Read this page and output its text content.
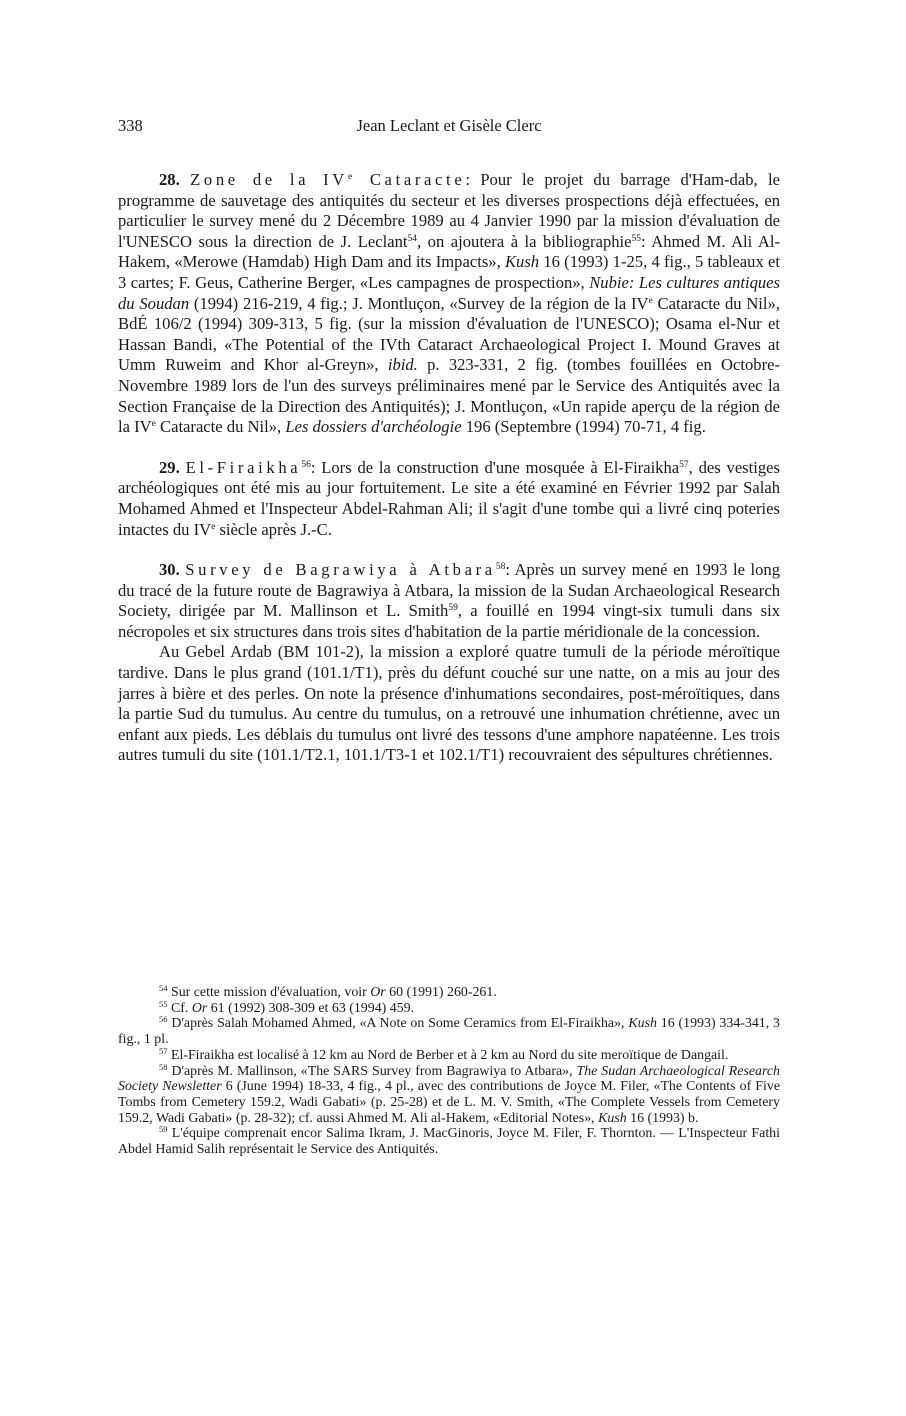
338	Jean Leclant et Gisèle Clerc

28. Zone de la IVe Cataracte: Pour le projet du barrage d'Ham-dab, le programme de sauvetage des antiquités du secteur et les diverses prospections déjà effectuées, en particulier le survey mené du 2 Décembre 1989 au 4 Janvier 1990 par la mission d'évaluation de l'UNESCO sous la direction de J. Leclant$^{54}$, on ajoutera à la bibliographie$^{55}$: Ahmed M. Ali Al-Hakem, «Merowe (Hamdab) High Dam and its Impacts», Kush 16 (1993) 1-25, 4 fig., 5 tableaux et 3 cartes; F. Geus, Catherine Berger, «Les campagnes de prospection», Nubie: Les cultures antiques du Soudan (1994) 216-219, 4 fig.; J. Montluçon, «Survey de la région de la IVe Cataracte du Nil», BdÉ 106/2 (1994) 309-313, 5 fig. (sur la mission d'évaluation de l'UNESCO); Osama el-Nur et Hassan Bandi, «The Potential of the IVth Cataract Archaeological Project I. Mound Graves at Umm Ruweim and Khor al-Greyn», ibid. p. 323-331, 2 fig. (tombes fouillées en Octobre-Novembre 1989 lors de l'un des surveys préliminaires mené par le Service des Antiquités avec la Section Française de la Direction des Antiquités); J. Montluçon, «Un rapide aperçu de la région de la IVe Cataracte du Nil», Les dossiers d'archéologie 196 (Septembre (1994) 70-71, 4 fig.

29. El-Firaikha$^{56}$: Lors de la construction d'une mosquée à El-Firaikha$^{57}$, des vestiges archéologiques ont été mis au jour fortuitement. Le site a été examiné en Février 1992 par Salah Mohamed Ahmed et l'Inspecteur Abdel-Rahman Ali; il s'agit d'une tombe qui a livré cinq poteries intactes du IVe siècle après J.-C.

30. Survey de Bagrawiya à Atbara$^{58}$: Après un survey mené en 1993 le long du tracé de la future route de Bagrawiya à Atbara, la mission de la Sudan Archaeological Research Society, dirigée par M. Mallinson et L. Smith$^{59}$, a fouillé en 1994 vingt-six tumuli dans six nécropoles et six structures dans trois sites d'habitation de la partie méridionale de la concession.

Au Gebel Ardab (BM 101-2), la mission a exploré quatre tumuli de la période méroïtique tardive. Dans le plus grand (101.1/T1), près du défunt couché sur une natte, on a mis au jour des jarres à bière et des perles. On note la présence d'inhumations secondaires, post-méroïtiques, dans la partie Sud du tumulus. Au centre du tumulus, on a retrouvé une inhumation chrétienne, avec un enfant aux pieds. Les déblais du tumulus ont livré des tessons d'une amphore napatéenne. Les trois autres tumuli du site (101.1/T2.1, 101.1/T3-1 et 102.1/T1) recouvraient des sépultures chrétiennes.

$^{54}$ Sur cette mission d'évaluation, voir Or 60 (1991) 260-261.

$^{55}$ Cf. Or 61 (1992) 308-309 et 63 (1994) 459.

$^{56}$ D'après Salah Mohamed Ahmed, «A Note on Some Ceramics from El-Firaikha», Kush 16 (1993) 334-341, 3 fig., 1 pl.

$^{57}$ El-Firaikha est localisé à 12 km au Nord de Berber et à 2 km au Nord du site meroïtique de Dangail.

$^{58}$ D'après M. Mallinson, «The SARS Survey from Bagrawiya to Atbara», The Sudan Archaeological Research Society Newsletter 6 (June 1994) 18-33, 4 fig., 4 pl., avec des contributions de Joyce M. Filer, «The Contents of Five Tombs from Cemetery 159.2, Wadi Gabati» (p. 25-28) et de L. M. V. Smith, «The Complete Vessels from Cemetery 159.2, Wadi Gabati» (p. 28-32); cf. aussi Ahmed M. Ali al-Hakem, «Editorial Notes», Kush 16 (1993) b.

$^{59}$ L'équipe comprenait encor Salima Ikram, J. MacGinoris, Joyce M. Filer, F. Thornton. — L'Inspecteur Fathi Abdel Hamid Salih représentait le Service des Antiquités.
